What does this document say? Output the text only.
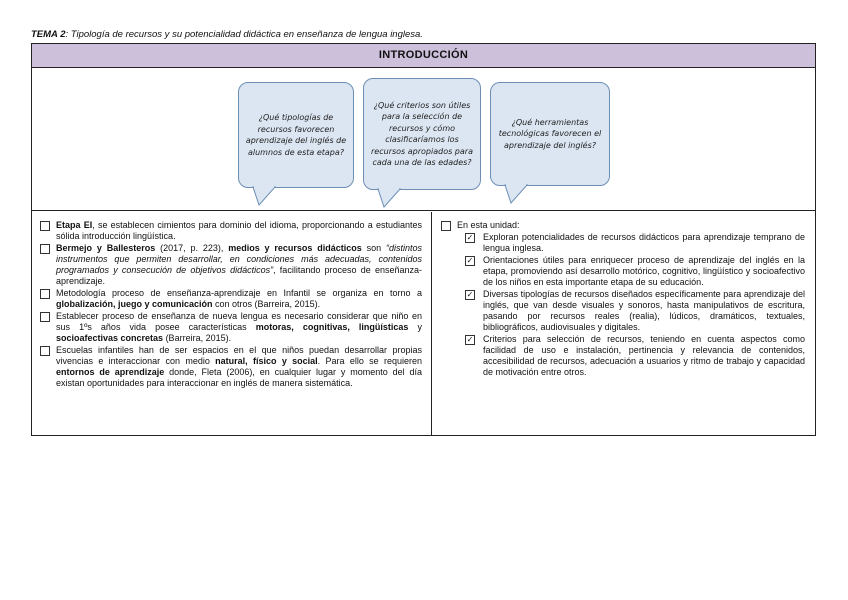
TEMA 2: Tipología de recursos y su potencialidad didáctica en enseñanza de lengua inglesa.
INTRODUCCIÓN
¿Qué tipologías de recursos favorecen aprendizaje del inglés de alumnos de esta etapa?
¿Qué criterios son útiles para la selección de recursos y cómo clasificaríamos los recursos apropiados para cada una de las edades?
¿Qué herramientas tecnológicas favorecen el aprendizaje del inglés?
Etapa EI, se establecen cimientos para dominio del idioma, proporcionando a estudiantes sólida introducción lingüística.
Bermejo y Ballesteros (2017, p. 223), medios y recursos didácticos son “distintos instrumentos que permiten desarrollar, en condiciones más adecuadas, contenidos programados y consecución de objetivos didácticos”, facilitando proceso de enseñanza-aprendizaje.
Metodología proceso de enseñanza-aprendizaje en Infantil se organiza en torno a globalización, juego y comunicación con otros (Barreira, 2015).
Establecer proceso de enseñanza de nueva lengua es necesario considerar que niño en sus 1ºs años vida posee características motoras, cognitivas, lingüísticas y socioafectivas concretas (Barreira, 2015).
Escuelas infantiles han de ser espacios en el que niños puedan desarrollar propias vivencias e interaccionar con medio natural, físico y social. Para ello se requieren entornos de aprendizaje donde, Fleta (2006), en cualquier lugar y momento del día existan oportunidades para interaccionar en inglés de manera sistemática.
En esta unidad:
✓ Exploran potencialidades de recursos didácticos para aprendizaje temprano de lengua inglesa.
✓ Orientaciones útiles para enriquecer proceso de aprendizaje del inglés en la etapa, promoviendo así desarrollo motórico, cognitivo, lingüístico y socioafectivo de los niños en esta importante etapa de su educación.
✓ Diversas tipologías de recursos diseñados específicamente para aprendizaje del inglés, que van desde visuales y sonoros, hasta manipulativos de escritura, pasando por recursos reales (realia), lúdicos, dramáticos, textuales, bibliográficos, audiovisuales y digitales.
✓ Criterios para selección de recursos, teniendo en cuenta aspectos como facilidad de uso e instalación, pertinencia y relevancia de contenidos, accesibilidad de recursos, adecuación a usuarios y ritmo de trabajo y capacidad de motivación entre otros.
